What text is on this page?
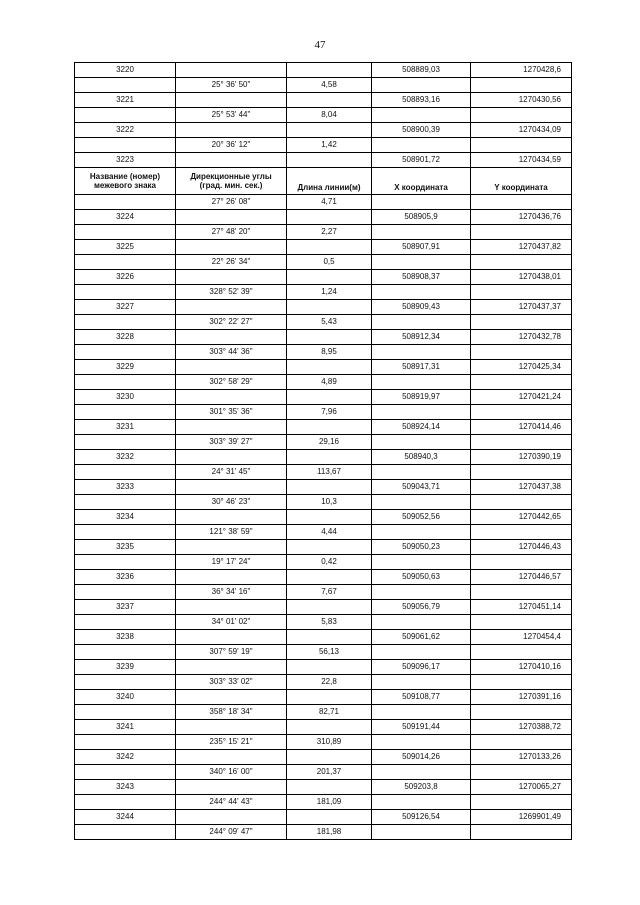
47
3220			508889,03	1270428,6
	25° 36' 50"	4,58		
3221			508893,16	1270430,56
	25° 53' 44"	8,04		
3222			508900,39	1270434,09
	20° 36' 12"	1,42		
3223			508901,72	1270434,59
Название (номер) межевого знака	Дирекционные углы (град. мин. сек.)	Длина линии(м)	X координата	Y координата
	27° 26' 08"	4,71		
3224			508905,9	1270436,76
	27° 48' 20"	2,27		
3225			508907,91	1270437,82
	22° 26' 34"	0,5		
3226			508908,37	1270438,01
	328° 52' 39"	1,24		
3227			508909,43	1270437,37
	302° 22' 27"	5,43		
3228			508912,34	1270432,78
	303° 44' 36"	8,95		
3229			508917,31	1270425,34
	302° 58' 29"	4,89		
3230			508919,97	1270421,24
	301° 35' 36"	7,96		
3231			508924,14	1270414,46
	303° 39' 27"	29,16		
3232			508940,3	1270390,19
	24° 31' 45"	113,67		
3233			509043,71	1270437,38
	30° 46' 23"	10,3		
3234			509052,56	1270442,65
	121° 38' 59"	4,44		
3235			509050,23	1270446,43
	19° 17' 24"	0,42		
3236			509050,63	1270446,57
	36° 34' 16"	7,67		
3237			509056,79	1270451,14
	34° 01' 02"	5,83		
3238			509061,62	1270454,4
	307° 59' 19"	56,13		
3239			509096,17	1270410,16
	303° 33' 02"	22,8		
3240			509108,77	1270391,16
	358° 18' 34"	82,71		
3241			509191,44	1270388,72
	235° 15' 21"	310,89		
3242			509014,26	1270133,26
	340° 16' 00"	201,37		
3243			509203,8	1270065,27
	244° 44' 43"	181,09		
3244			509126,54	1269901,49
	244° 09' 47"	181,98		
